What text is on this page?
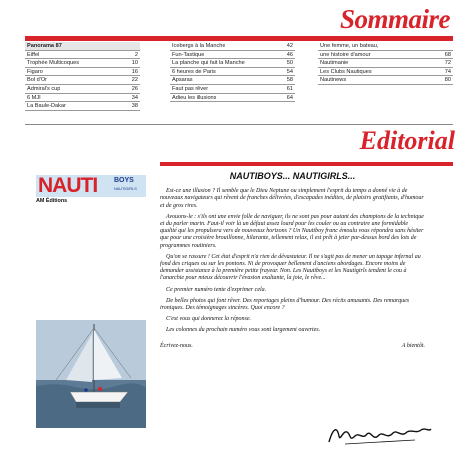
Sommaire
Panorama 87
Eiffel	2
Trophée Multicoques	10
Figaro	16
Bol d'Or	22
Admiral's cup	26
6 MJI	34
La Baule-Dakar	38
Icebergs à la Manche	42
Fun-Tastique	46
La planche qui fait la Manche	50
6 heures de Paris	54
Apsaras	58
Faut pas rêver	61
Adieu les illusions	64
Une femme, un bateau,
une histoire d'amour	68
Nautimanie	72
Les Clubs Nautiques	74
Nautinews	80
Editorial
NAUTI BOYS
NAUTIGIRLS
AM Éditions
NAUTIBOYS... NAUTIGIRLS...

Est-ce une illusion ? Il semble que le Dieu Neptune ou simplement l'esprit du temps a donné vie à de nouveaux navigateurs qui rêvent de franches délivrées, d'escapades inédites, de plaisirs gratifiants, d'humour et de gros rires.

Avouons-le : s'ils ont une envie folle de naviguer, ils ne sont pas pour autant des champions de la technique et du parler marin. Faut-il voir là un défaut assez lourd pour les couler ou au contraire une formidable qualité qui les propulsera vers de nouveaux horizons ? Un Nautiboy franc émoulu vous répondra sans hésiter que pour une croisière brouillonne, hilarante, tellement relax, il est prêt à jeter par-dessus bord des lots de programmes routiniers.

Qu'on se rassure ! Cet état d'esprit n'a rien de dévastateur. Il ne s'agit pas de mener un tapage infernal au fond des criques ou sur les pontons. Ni de provoquer bellement d'anciens abordages. Encore moins de demander assistance à la première petite frayeur. Non. Les Nautiboys et les Nautigirls tendent le cou à l'anarchie pour mieux découvrir l'évasion exaltante, la joie, le rêve...

Ce premier numéro tente d'exprimer cela.

De belles photos qui font rêver. Des reportages pleins d'humour. Des récits amusants. Des remarques ironiques. Des témoignages sincères. Quoi encore ?

C'est vous qui donnerez la réponse.

Les colonnes du prochain numéro vous sont largement ouvertes.

Écrivez-nous.	A bientôt.
